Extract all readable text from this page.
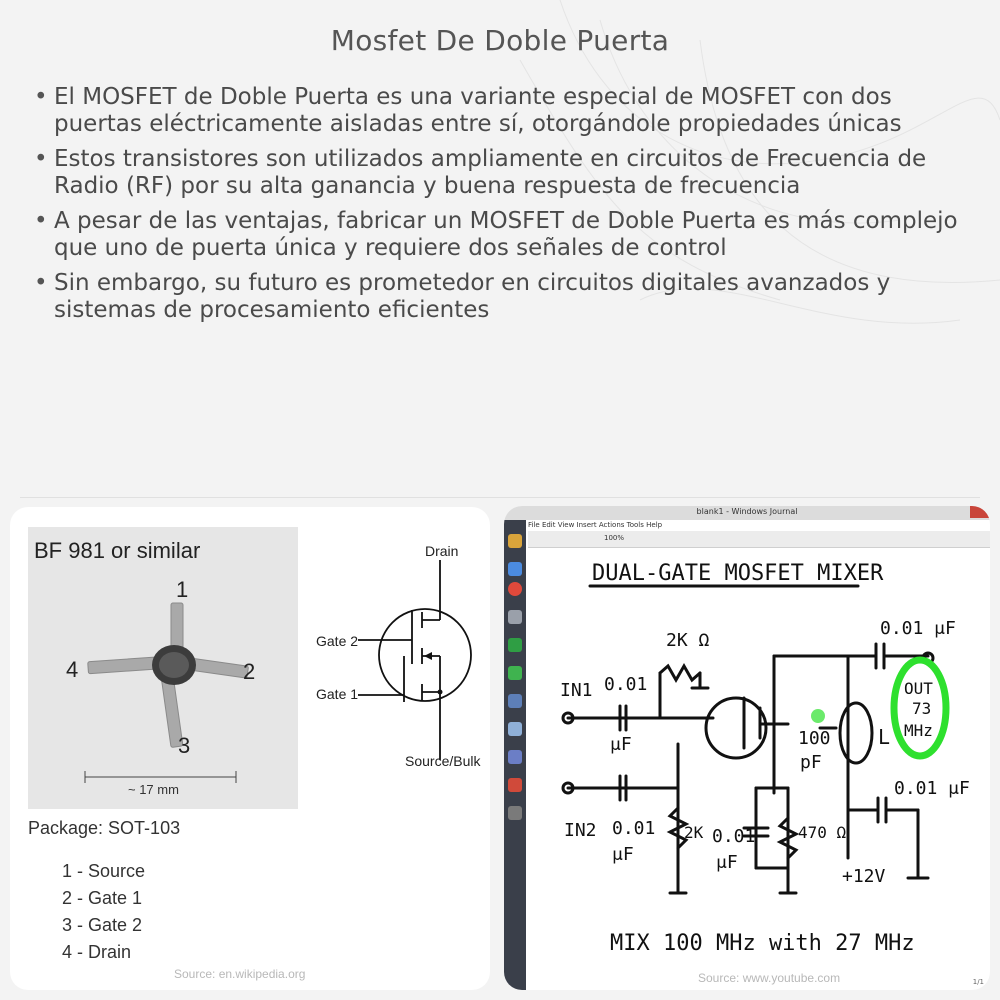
Mosfet De Doble Puerta
• El MOSFET de Doble Puerta es una variante especial de MOSFET con dos puertas eléctricamente aisladas entre sí, otorgándole propiedades únicas
• Estos transistores son utilizados ampliamente en circuitos de Frecuencia de Radio (RF) por su alta ganancia y buena respuesta de frecuencia
• A pesar de las ventajas, fabricar un MOSFET de Doble Puerta es más complejo que uno de puerta única y requiere dos señales de control
• Sin embargo, su futuro es prometedor en circuitos digitales avanzados y sistemas de procesamiento eficientes
BF 981 or similar
1
2
3
4
~ 17 mm
Package: SOT-103
1 - Source
2 - Gate 1
3 - Gate 2
4 - Drain
Drain
Gate 2
Gate 1
Source/Bulk
Source: en.wikipedia.org
blank1 - Windows Journal
File Edit View Insert Actions Tools Help
100%
1/1
DUAL-GATE MOSFET MIXER
2K Ω
0.01 μF
IN1 0.01
μF	100
pF
L
OUT
73
MHz
0.01 μF
IN2 0.01
μF
2K 0.01
μF
470 Ω
+12V
MIX 100 MHz with 27 MHz
Source: www.youtube.com
